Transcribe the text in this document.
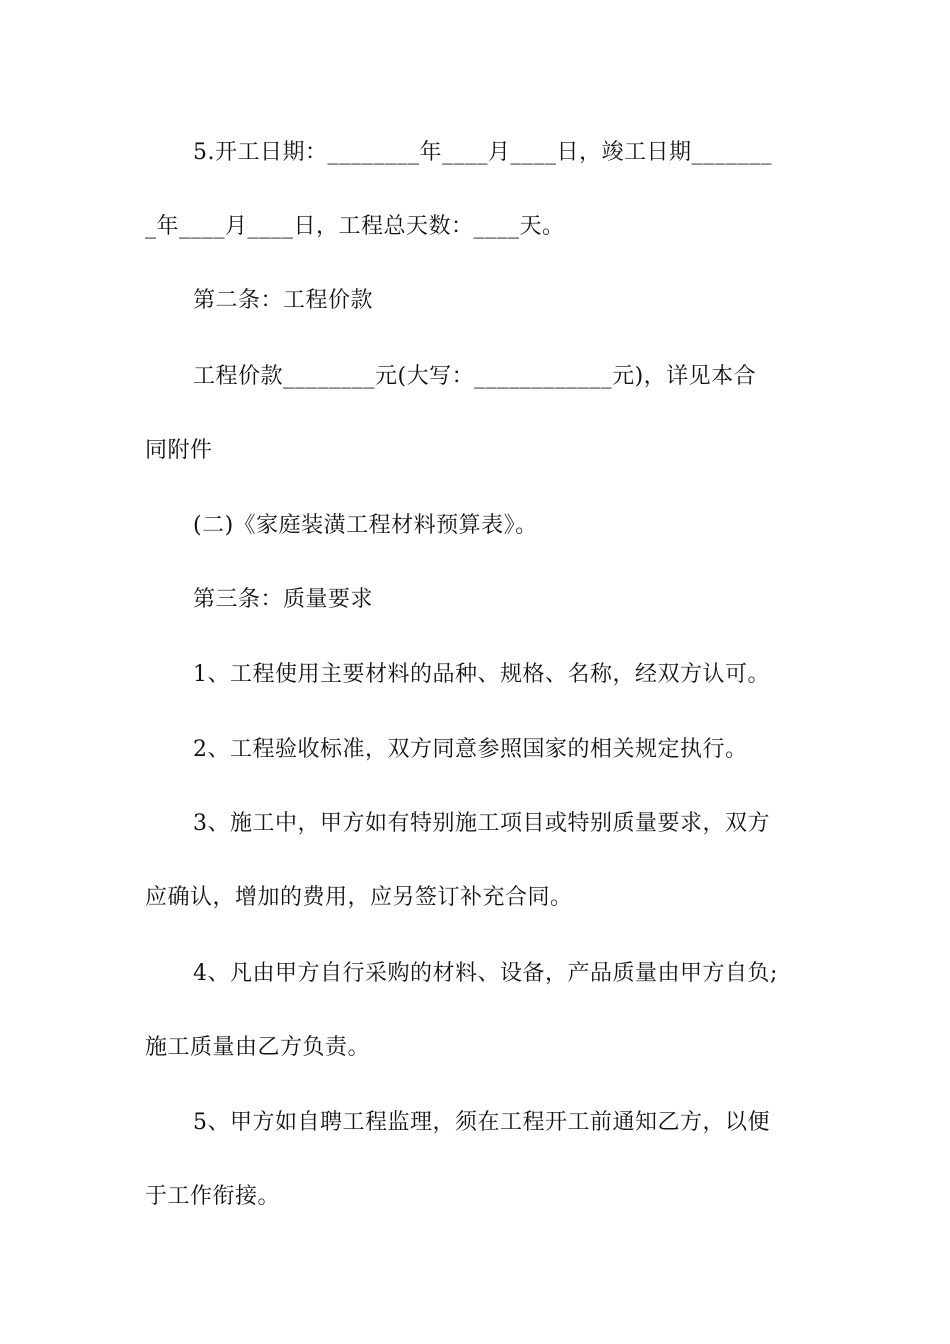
5.开工日期：________年____月____日，竣工日期_______
_年____月____日，工程总天数：____天。
第二条：工程价款
工程价款________元(大写：____________元)，详见本合
同附件
(二)《家庭装潢工程材料预算表》。
第三条：质量要求
1、工程使用主要材料的品种、规格、名称，经双方认可。
2、工程验收标准，双方同意参照国家的相关规定执行。
3、施工中，甲方如有特别施工项目或特别质量要求，双方
应确认，增加的费用，应另签订补充合同。
4、凡由甲方自行采购的材料、设备，产品质量由甲方自负;
施工质量由乙方负责。
5、甲方如自聘工程监理，须在工程开工前通知乙方，以便
于工作衔接。
